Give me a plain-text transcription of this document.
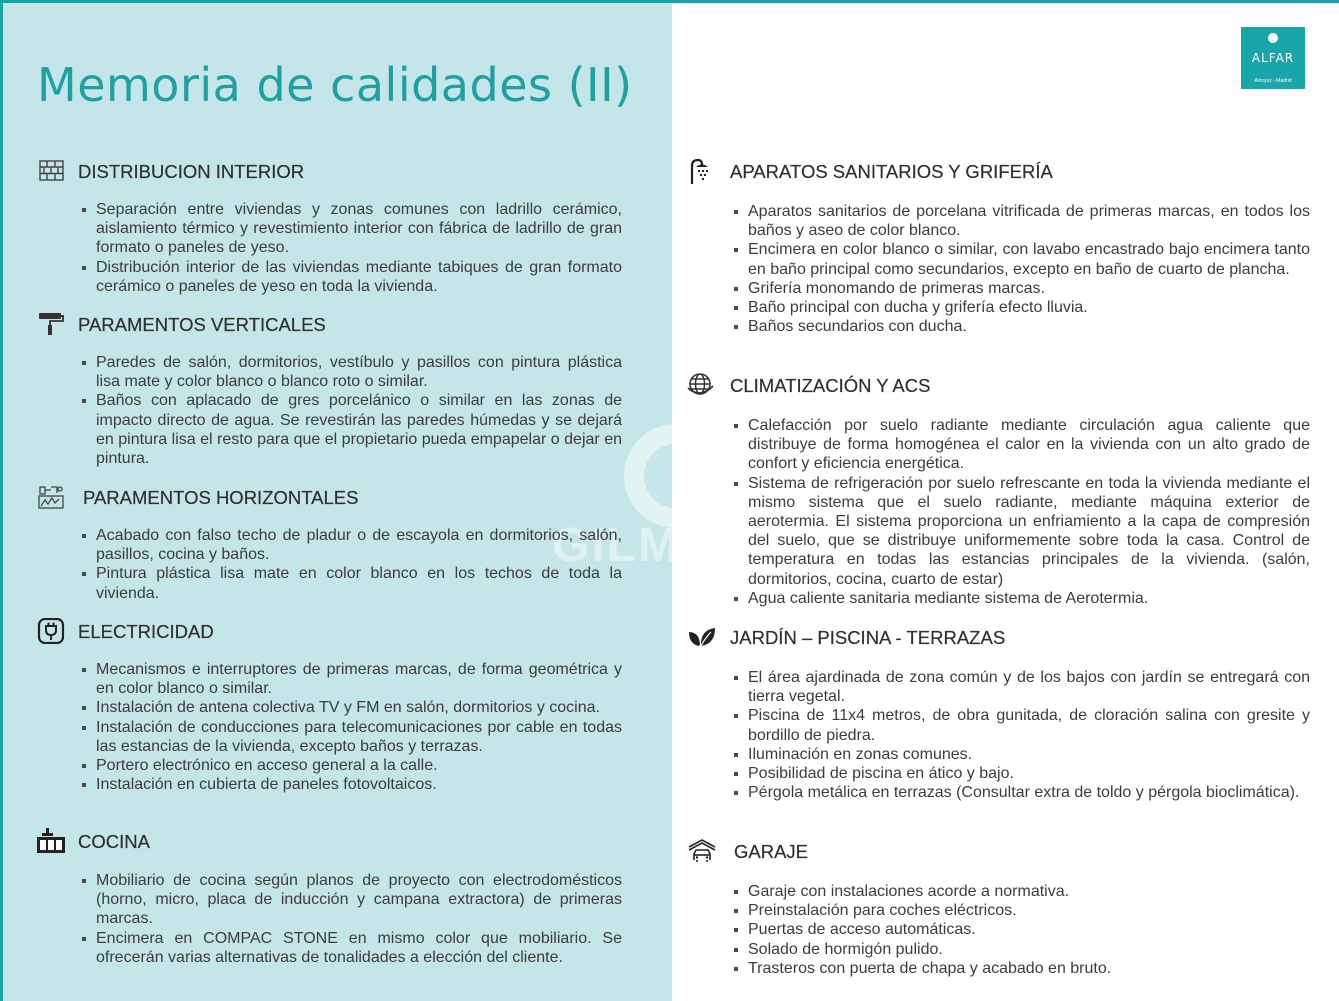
GILM
Memoria de calidades (II)	ALFAR
Arroyoz - Madrid
DISTRIBUCION INTERIOR
Separación entre viviendas y zonas comunes con ladrillo cerámico, aislamiento térmico y revestimiento interior con fábrica de ladrillo de gran formato o paneles de yeso.
Distribución interior de las viviendas mediante tabiques de gran formato cerámico o paneles de yeso en toda la vivienda.
PARAMENTOS VERTICALES
Paredes de salón, dormitorios, vestíbulo y pasillos con pintura plástica lisa mate y color blanco o blanco roto o similar.
Baños con aplacado de gres porcelánico o similar en las zonas de impacto directo de agua. Se revestirán las paredes húmedas y se dejará en pintura lisa el resto para que el propietario pueda empapelar o dejar en pintura.
PARAMENTOS HORIZONTALES
Acabado con falso techo de pladur o de escayola en dormitorios, salón, pasillos, cocina y baños.
Pintura plástica lisa mate en color blanco en los techos de toda la vivienda.
ELECTRICIDAD
Mecanismos e interruptores de primeras marcas, de forma geométrica y en color blanco o similar.
Instalación de antena colectiva TV y FM en salón, dormitorios y cocina.
Instalación de conducciones para telecomunicaciones por cable en todas las estancias de la vivienda, excepto baños y terrazas.
Portero electrónico en acceso general a la calle.
Instalación en cubierta de paneles fotovoltaicos.
COCINA
Mobiliario de cocina según planos de proyecto con electrodomésticos (horno, micro, placa de inducción y campana extractora) de primeras marcas.
Encimera en COMPAC STONE en mismo color que mobiliario. Se ofrecerán varias alternativas de tonalidades a elección del cliente.
APARATOS SANITARIOS Y GRIFERÍA
Aparatos sanitarios de porcelana vitrificada de primeras marcas, en todos los baños y aseo de color blanco.
Encimera en color blanco o similar, con lavabo encastrado bajo encimera tanto en baño principal como secundarios, excepto en baño de cuarto de plancha.
Grifería monomando de primeras marcas.
Baño principal con ducha y grifería efecto lluvia.
Baños secundarios con ducha.
CLIMATIZACIÓN Y ACS
Calefacción por suelo radiante mediante circulación agua caliente que distribuye de forma homogénea el calor en la vivienda con un alto grado de confort y eficiencia energética.
Sistema de refrigeración por suelo refrescante en toda la vivienda mediante el mismo sistema que el suelo radiante, mediante máquina exterior de aerotermia. El sistema proporciona un enfriamiento a la capa de compresión del suelo, que se distribuye uniformemente sobre toda la casa. Control de temperatura en todas las estancias principales de la vivienda. (salón, dormitorios, cocina, cuarto de estar)
Agua caliente sanitaria mediante sistema de Aerotermia.
JARDÍN – PISCINA - TERRAZAS
El área ajardinada de zona común y de los bajos con jardín se entregará con tierra vegetal.
Piscina de 11x4 metros, de obra gunitada, de cloración salina con gresite y bordillo de piedra.
Iluminación en zonas comunes.
Posibilidad de piscina en ático y bajo.
Pérgola metálica en terrazas (Consultar extra de toldo y pérgola bioclimática).
GARAJE
Garaje con instalaciones acorde a normativa.
Preinstalación para coches eléctricos.
Puertas de acceso automáticas.
Solado de hormigón pulido.
Trasteros con puerta de chapa y acabado en bruto.
